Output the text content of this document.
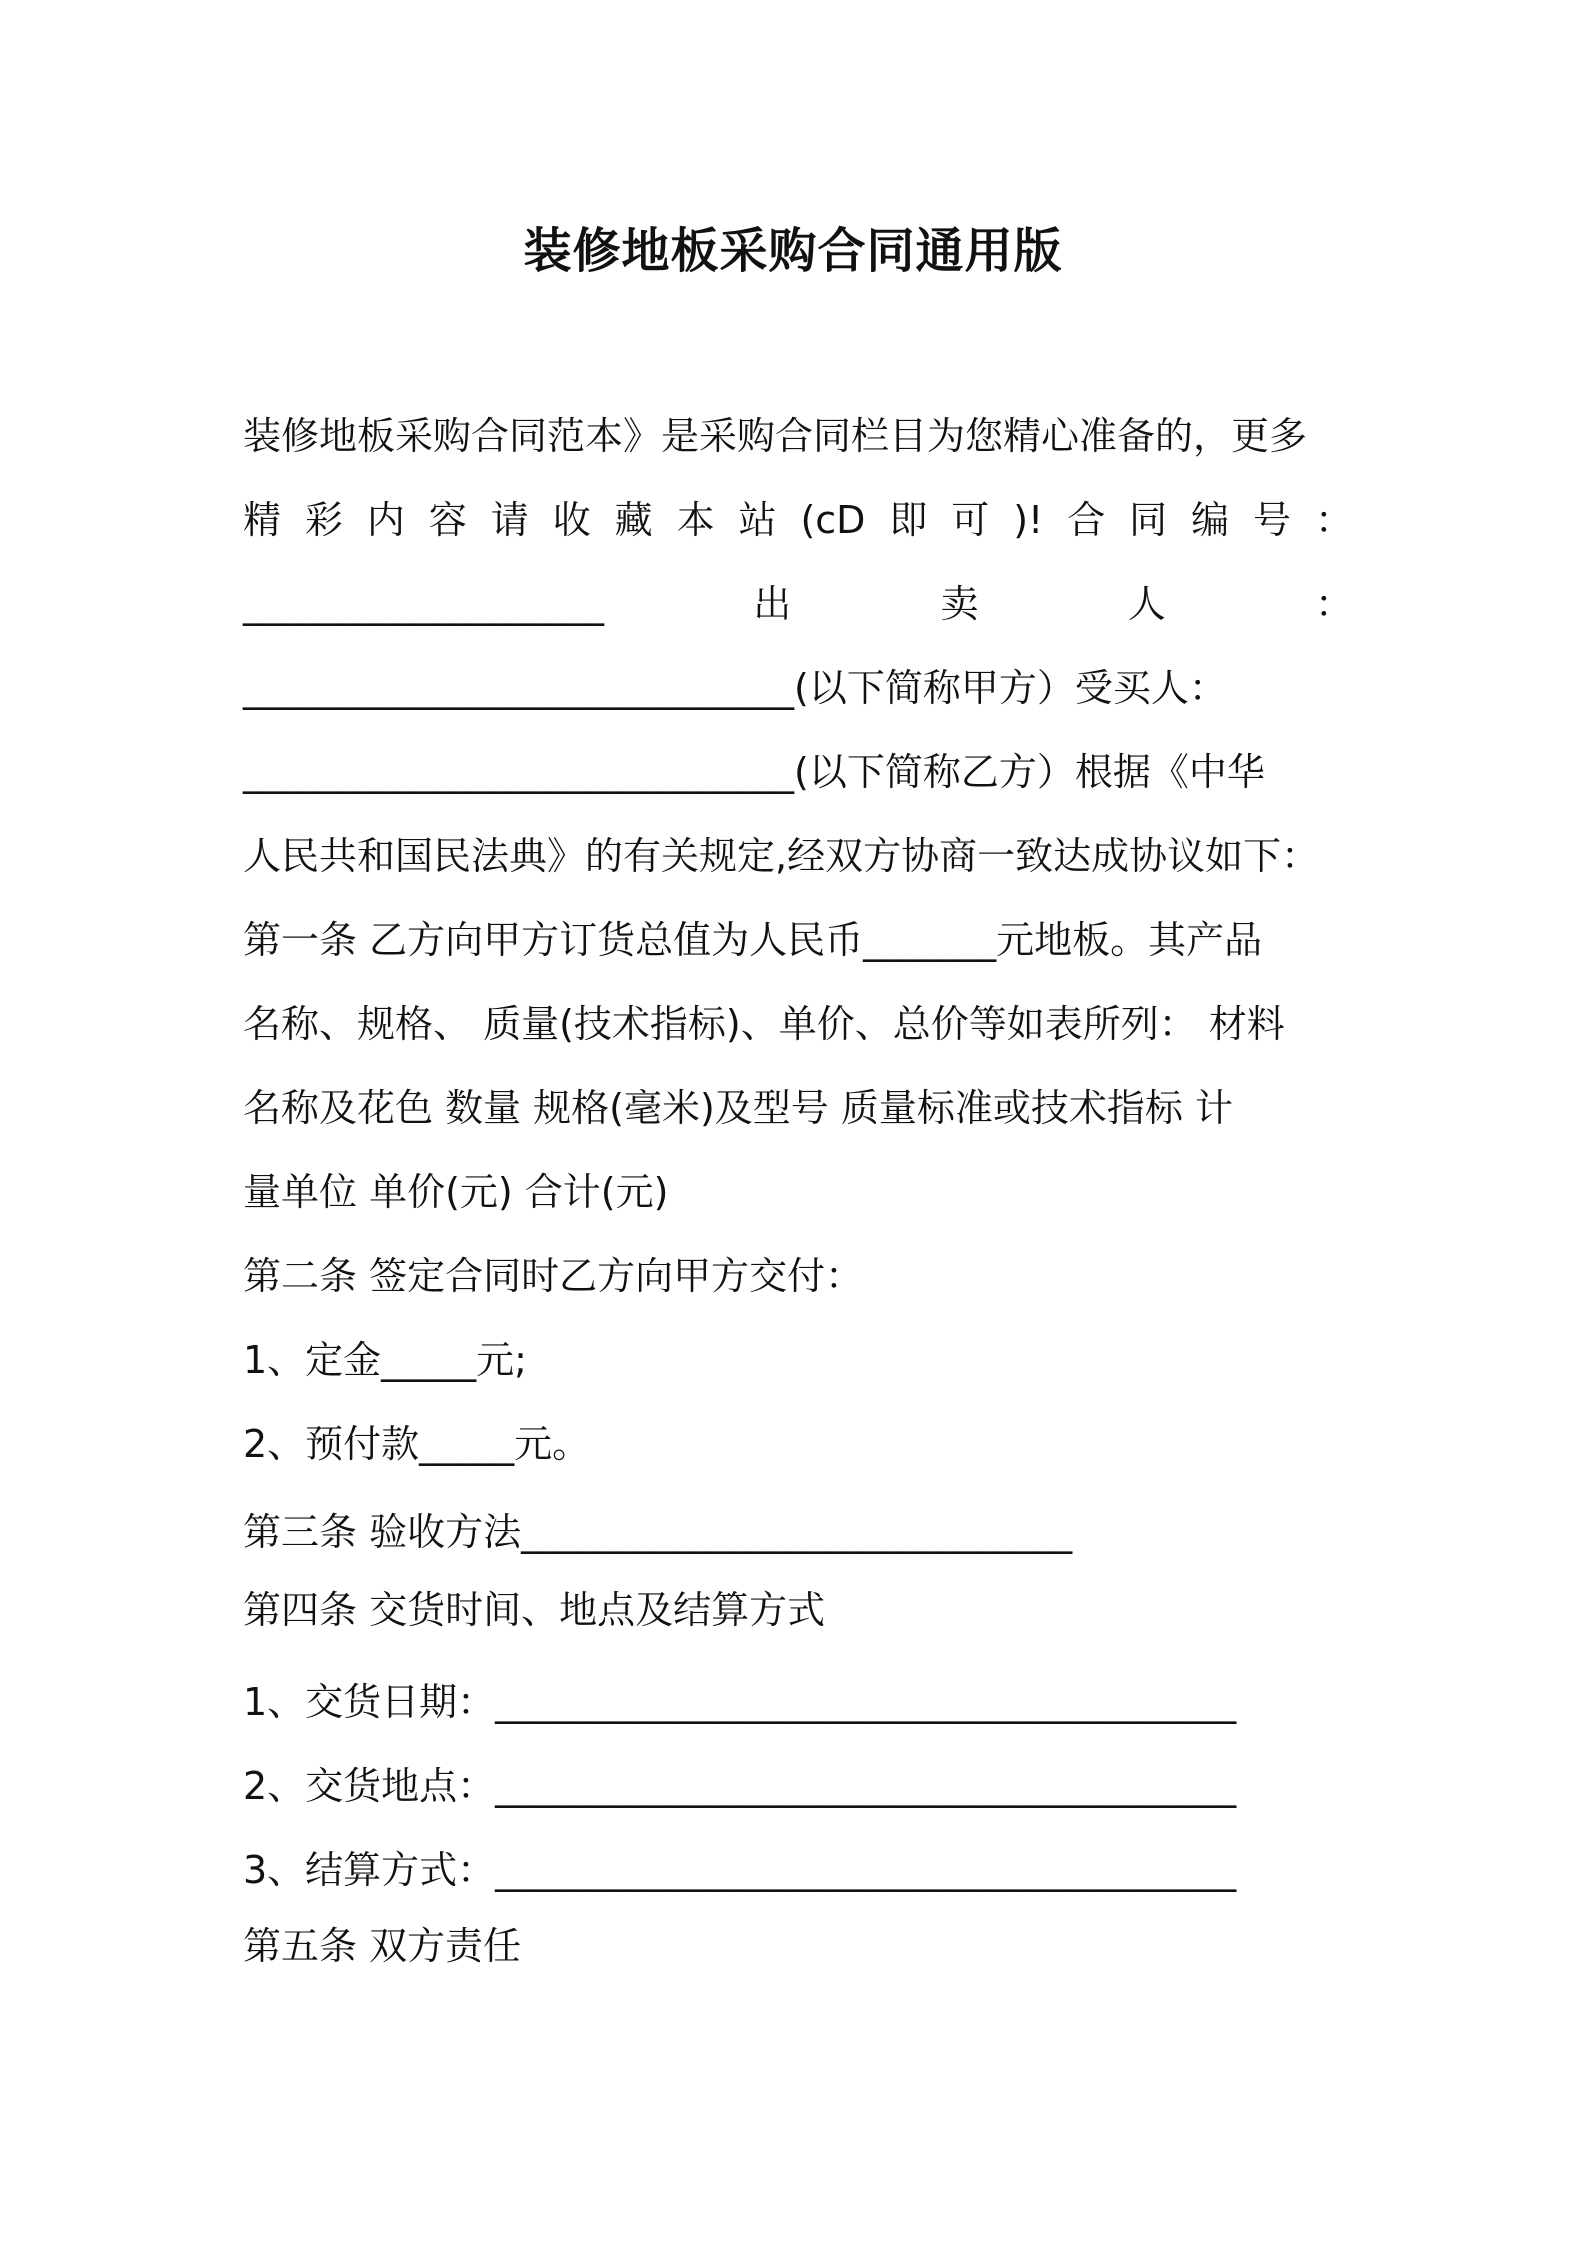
装修地板采购合同通用版
装修地板采购合同范本》是采购合同栏目为您精心准备的，更多
精 彩 内 容 请 收 藏 本 站 (cD 即 可 )! 合 同 编 号 ：
___________________	出	卖	人	：
_____________________________(以下简称甲方）受买人：
_____________________________(以下简称乙方）根据《中华
人民共和国民法典》的有关规定,经双方协商一致达成协议如下：
第一条 乙方向甲方订货总值为人民币_______元地板。其产品
名称、规格、 质量(技术指标)、单价、总价等如表所列： 材料
名称及花色 数量 规格(毫米)及型号 质量标准或技术指标 计
量单位 单价(元) 合计(元)
第二条 签定合同时乙方向甲方交付：
1、定金_____元;
2、预付款_____元。
第三条 验收方法_____________________________
第四条 交货时间、地点及结算方式
1、交货日期：_______________________________________
2、交货地点：_______________________________________
3、结算方式：_______________________________________
第五条 双方责任
